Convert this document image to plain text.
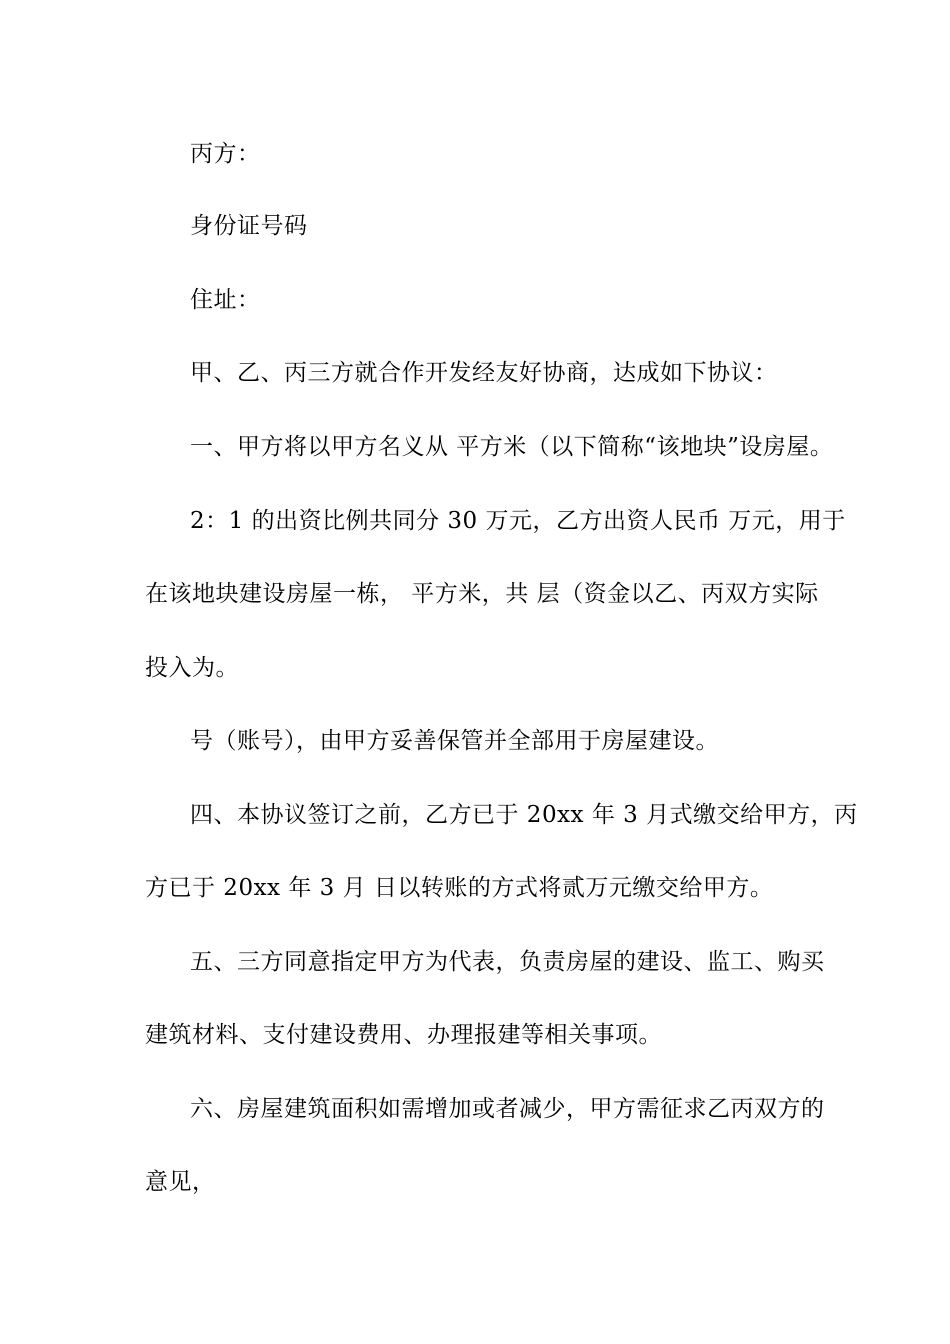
丙方：
身份证号码
住址：
甲、乙、丙三方就合作开发经友好协商，达成如下协议：
一、甲方将以甲方名义从 平方米（以下简称“该地块”设房屋。
2：1 的出资比例共同分 30 万元，乙方出资人民币 万元，用于
在该地块建设房屋一栋， 平方米，共 层（资金以乙、丙双方实际
投入为。
号（账号），由甲方妥善保管并全部用于房屋建设。
四、本协议签订之前，乙方已于 20xx 年 3 月式缴交给甲方，丙
方已于 20xx 年 3 月 日以转账的方式将贰万元缴交给甲方。
五、三方同意指定甲方为代表，负责房屋的建设、监工、购买
建筑材料、支付建设费用、办理报建等相关事项。
六、房屋建筑面积如需增加或者减少，甲方需征求乙丙双方的
意见，
